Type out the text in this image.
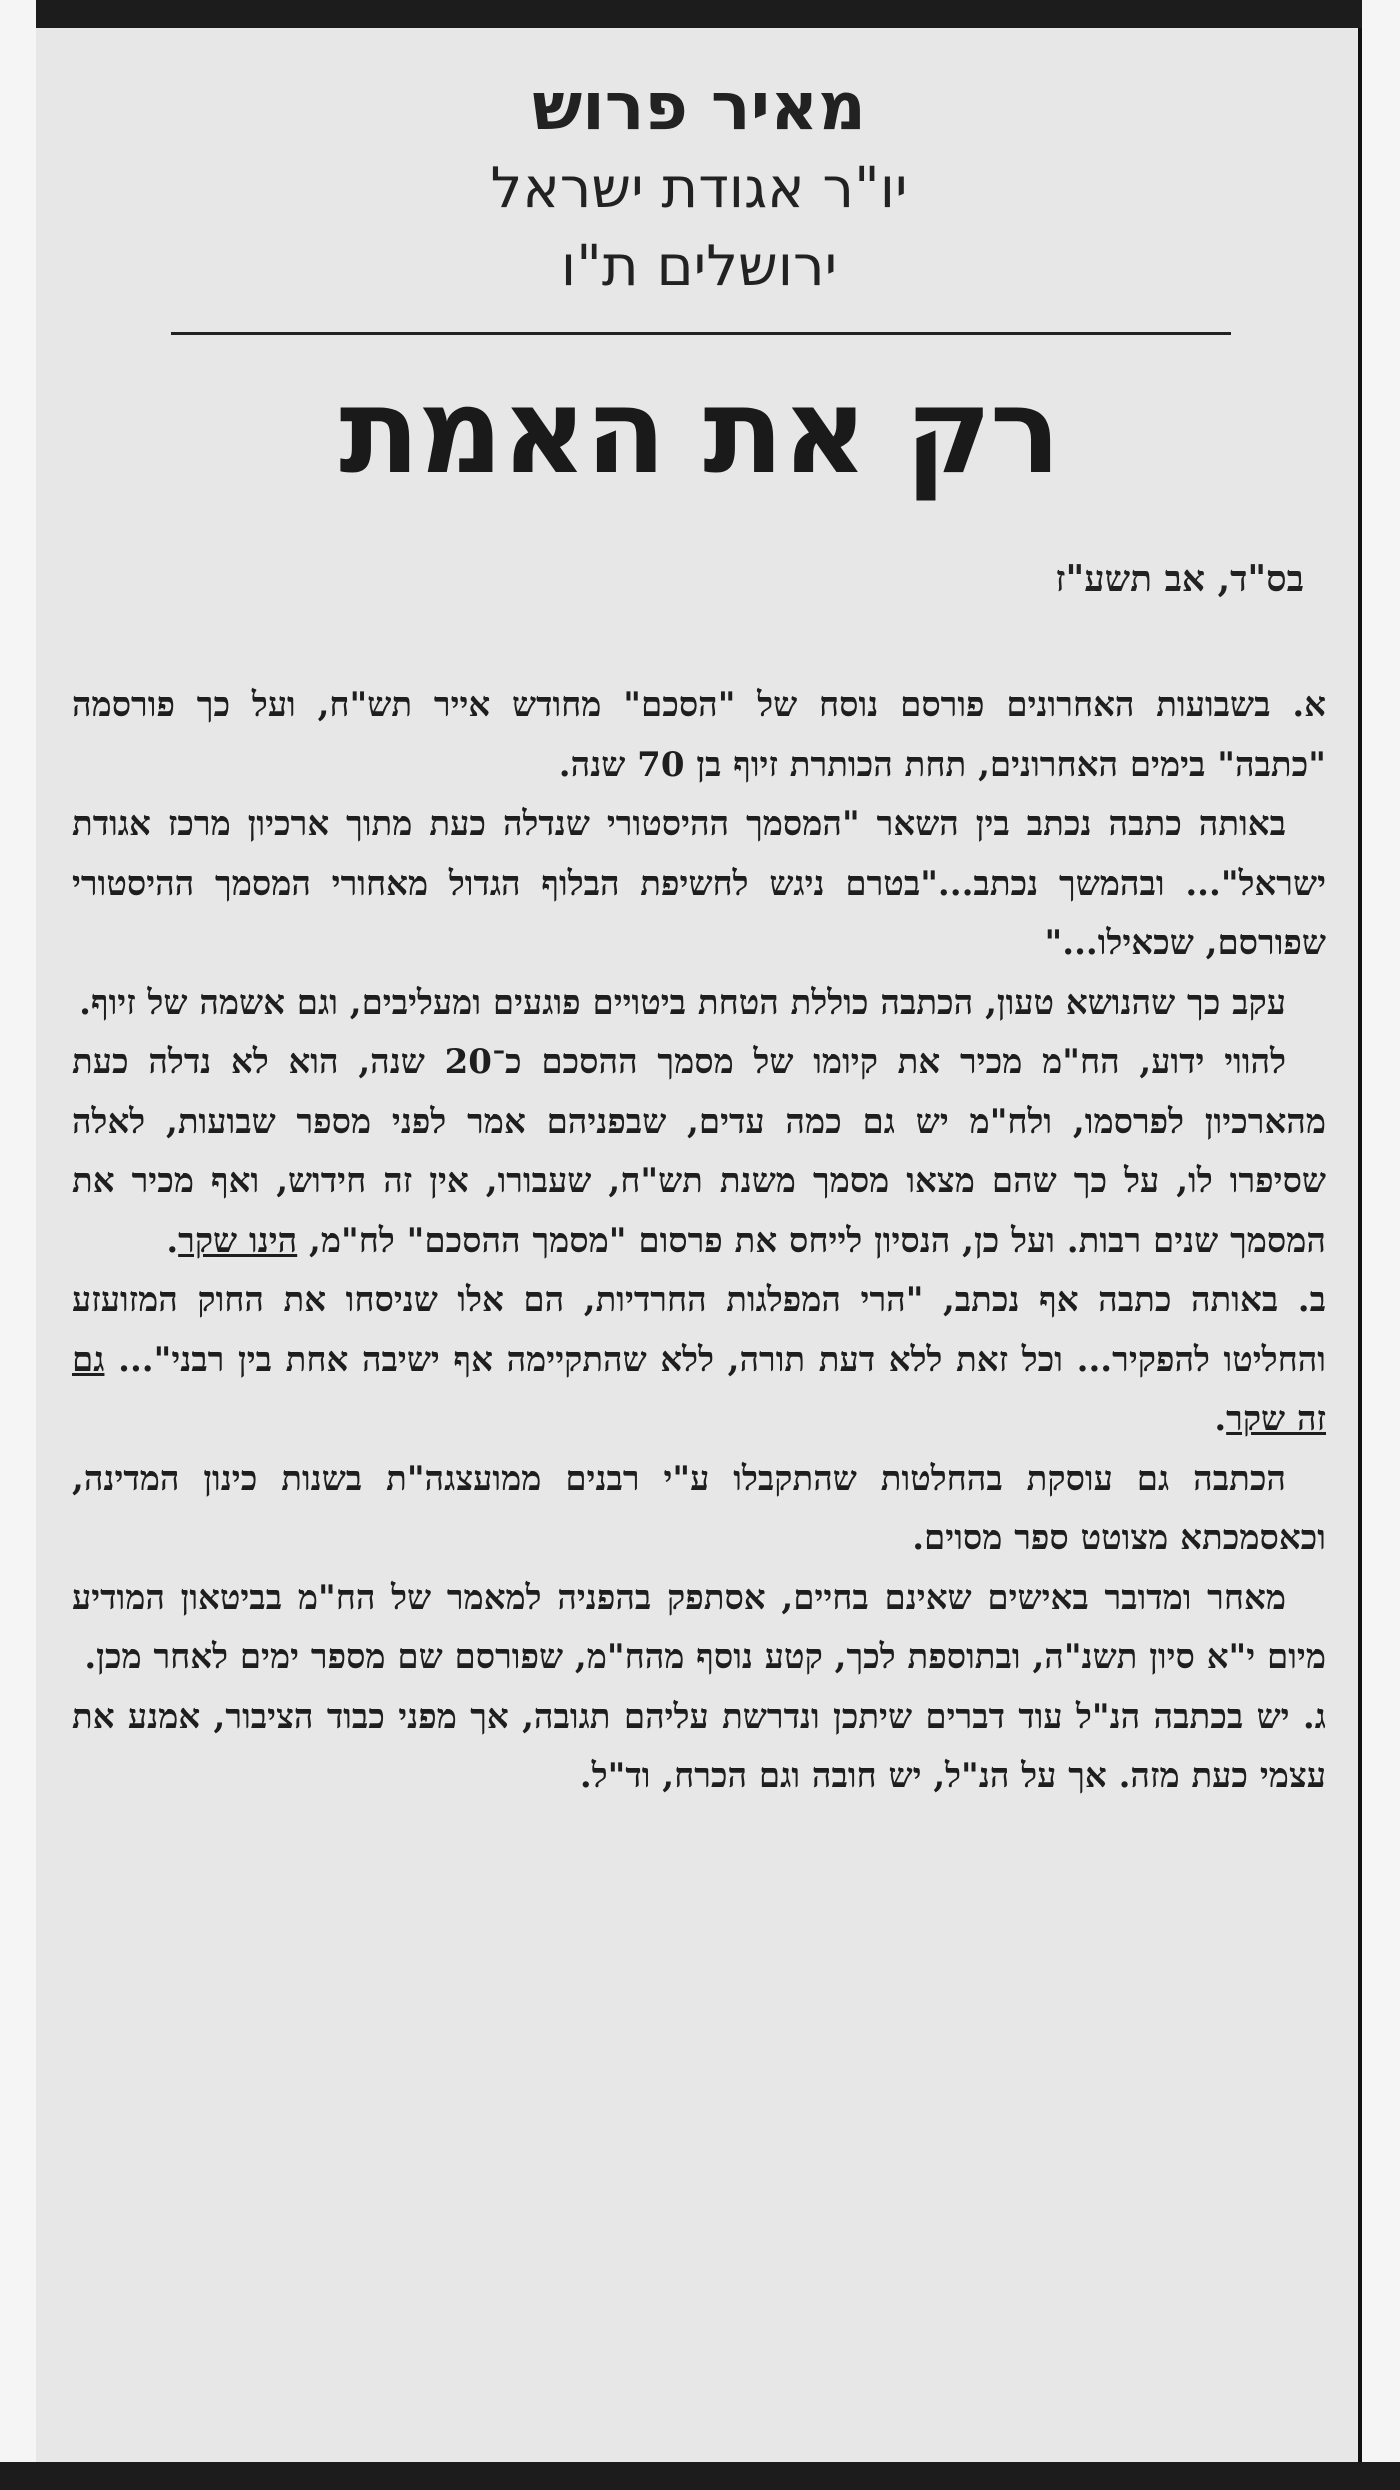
מאיר פרוש
יו"ר אגודת ישראל
ירושלים ת"ו
רק את האמת
בס"ד, אב תשע"ז

א. בשבועות האחרונים פורסם נוסח של "הסכם" מחודש אייר תש"ח, ועל כך פורסמה "כתבה" בימים האחרונים, תחת הכותרת זיוף בן 70 שנה.

באותה כתבה נכתב בין השאר "המסמך ההיסטורי שנדלה כעת מתוך ארכיון מרכז אגודת ישראל"... ובהמשך נכתב..."בטרם ניגש לחשיפת הבלוף הגדול מאחורי המסמך ההיסטורי שפורסם, שכאילו..."

עקב כך שהנושא טעון, הכתבה כוללת הטחת ביטויים פוגעים ומעליבים, וגם אשמה של זיוף.

להווי ידוע, הח"מ מכיר את קיומו של מסמך ההסכם כ־20 שנה, הוא לא נדלה כעת מהארכיון לפרסמו, ולח"מ יש גם כמה עדים, שבפניהם אמר לפני מספר שבועות, לאלה שסיפרו לו, על כך שהם מצאו מסמך משנת תש"ח, שעבורו, אין זה חידוש, ואף מכיר את המסמך שנים רבות. ועל כן, הנסיון לייחס את פרסום "מסמך ההסכם" לח"מ, הינו שקר.

ב. באותה כתבה אף נכתב, "הרי המפלגות החרדיות, הם אלו שניסחו את החוק המזועזע והחליטו להפקיר... וכל זאת ללא דעת תורה, ללא שהתקיימה אף ישיבה אחת בין רבני"... גם זה שקר.

הכתבה גם עוסקת בהחלטות שהתקבלו ע"י רבנים ממועצגה"ת בשנות כינון המדינה, וכאסמכתא מצוטט ספר מסוים.

מאחר ומדובר באישים שאינם בחיים, אסתפק בהפניה למאמר של הח"מ בביטאון המודיע מיום י"א סיון תשנ"ה, ובתוספת לכך, קטע נוסף מהח"מ, שפורסם שם מספר ימים לאחר מכן.

ג. יש בכתבה הנ"ל עוד דברים שיתכן ונדרשת עליהם תגובה, אך מפני כבוד הציבור, אמנע את עצמי כעת מזה. אך על הנ"ל, יש חובה וגם הכרח, וד"ל.
